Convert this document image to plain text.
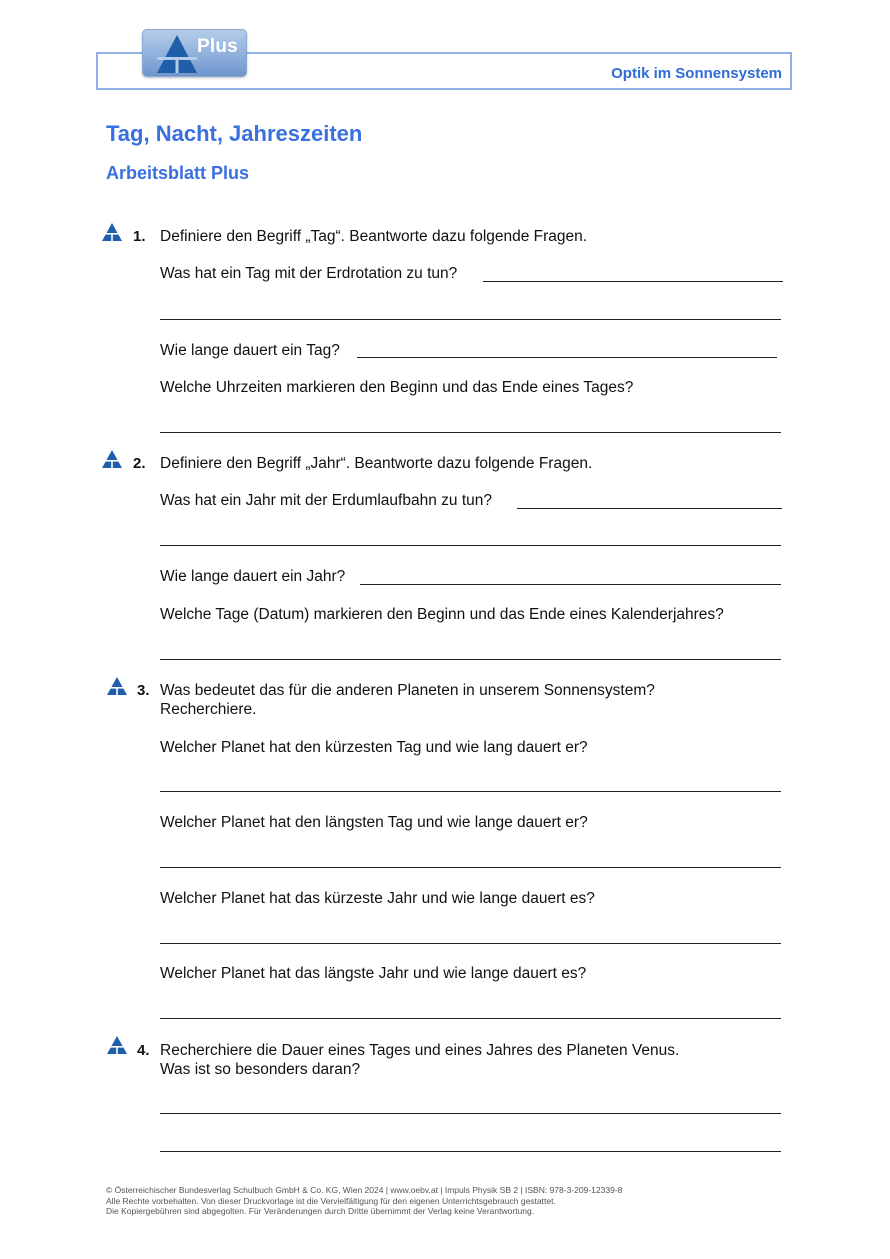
Plus
Optik im Sonnensystem
Tag, Nacht, Jahreszeiten
Arbeitsblatt Plus
1. Definiere den Begriff „Tag“. Beantworte dazu folgende Fragen.
Was hat ein Tag mit der Erdrotation zu tun?
Wie lange dauert ein Tag?
Welche Uhrzeiten markieren den Beginn und das Ende eines Tages?
2. Definiere den Begriff „Jahr“. Beantworte dazu folgende Fragen.
Was hat ein Jahr mit der Erdumlaufbahn zu tun?
Wie lange dauert ein Jahr?
Welche Tage (Datum) markieren den Beginn und das Ende eines Kalenderjahres?
3. Was bedeutet das für die anderen Planeten in unserem Sonnensystem?
Recherchiere.
Welcher Planet hat den kürzesten Tag und wie lang dauert er?
Welcher Planet hat den längsten Tag und wie lange dauert er?
Welcher Planet hat das kürzeste Jahr und wie lange dauert es?
Welcher Planet hat das längste Jahr und wie lange dauert es?
4. Recherchiere die Dauer eines Tages und eines Jahres des Planeten Venus.
Was ist so besonders daran?
© Österreichischer Bundesverlag Schulbuch GmbH & Co. KG, Wien 2024 | www.oebv.at | Impuls Physik SB 2 | ISBN: 978-3-209-12339-8
Alle Rechte vorbehalten. Von dieser Druckvorlage ist die Vervielfältigung für den eigenen Unterrichtsgebrauch gestattet.
Die Kopiergebühren sind abgegolten. Für Veränderungen durch Dritte übernimmt der Verlag keine Verantwortung.
